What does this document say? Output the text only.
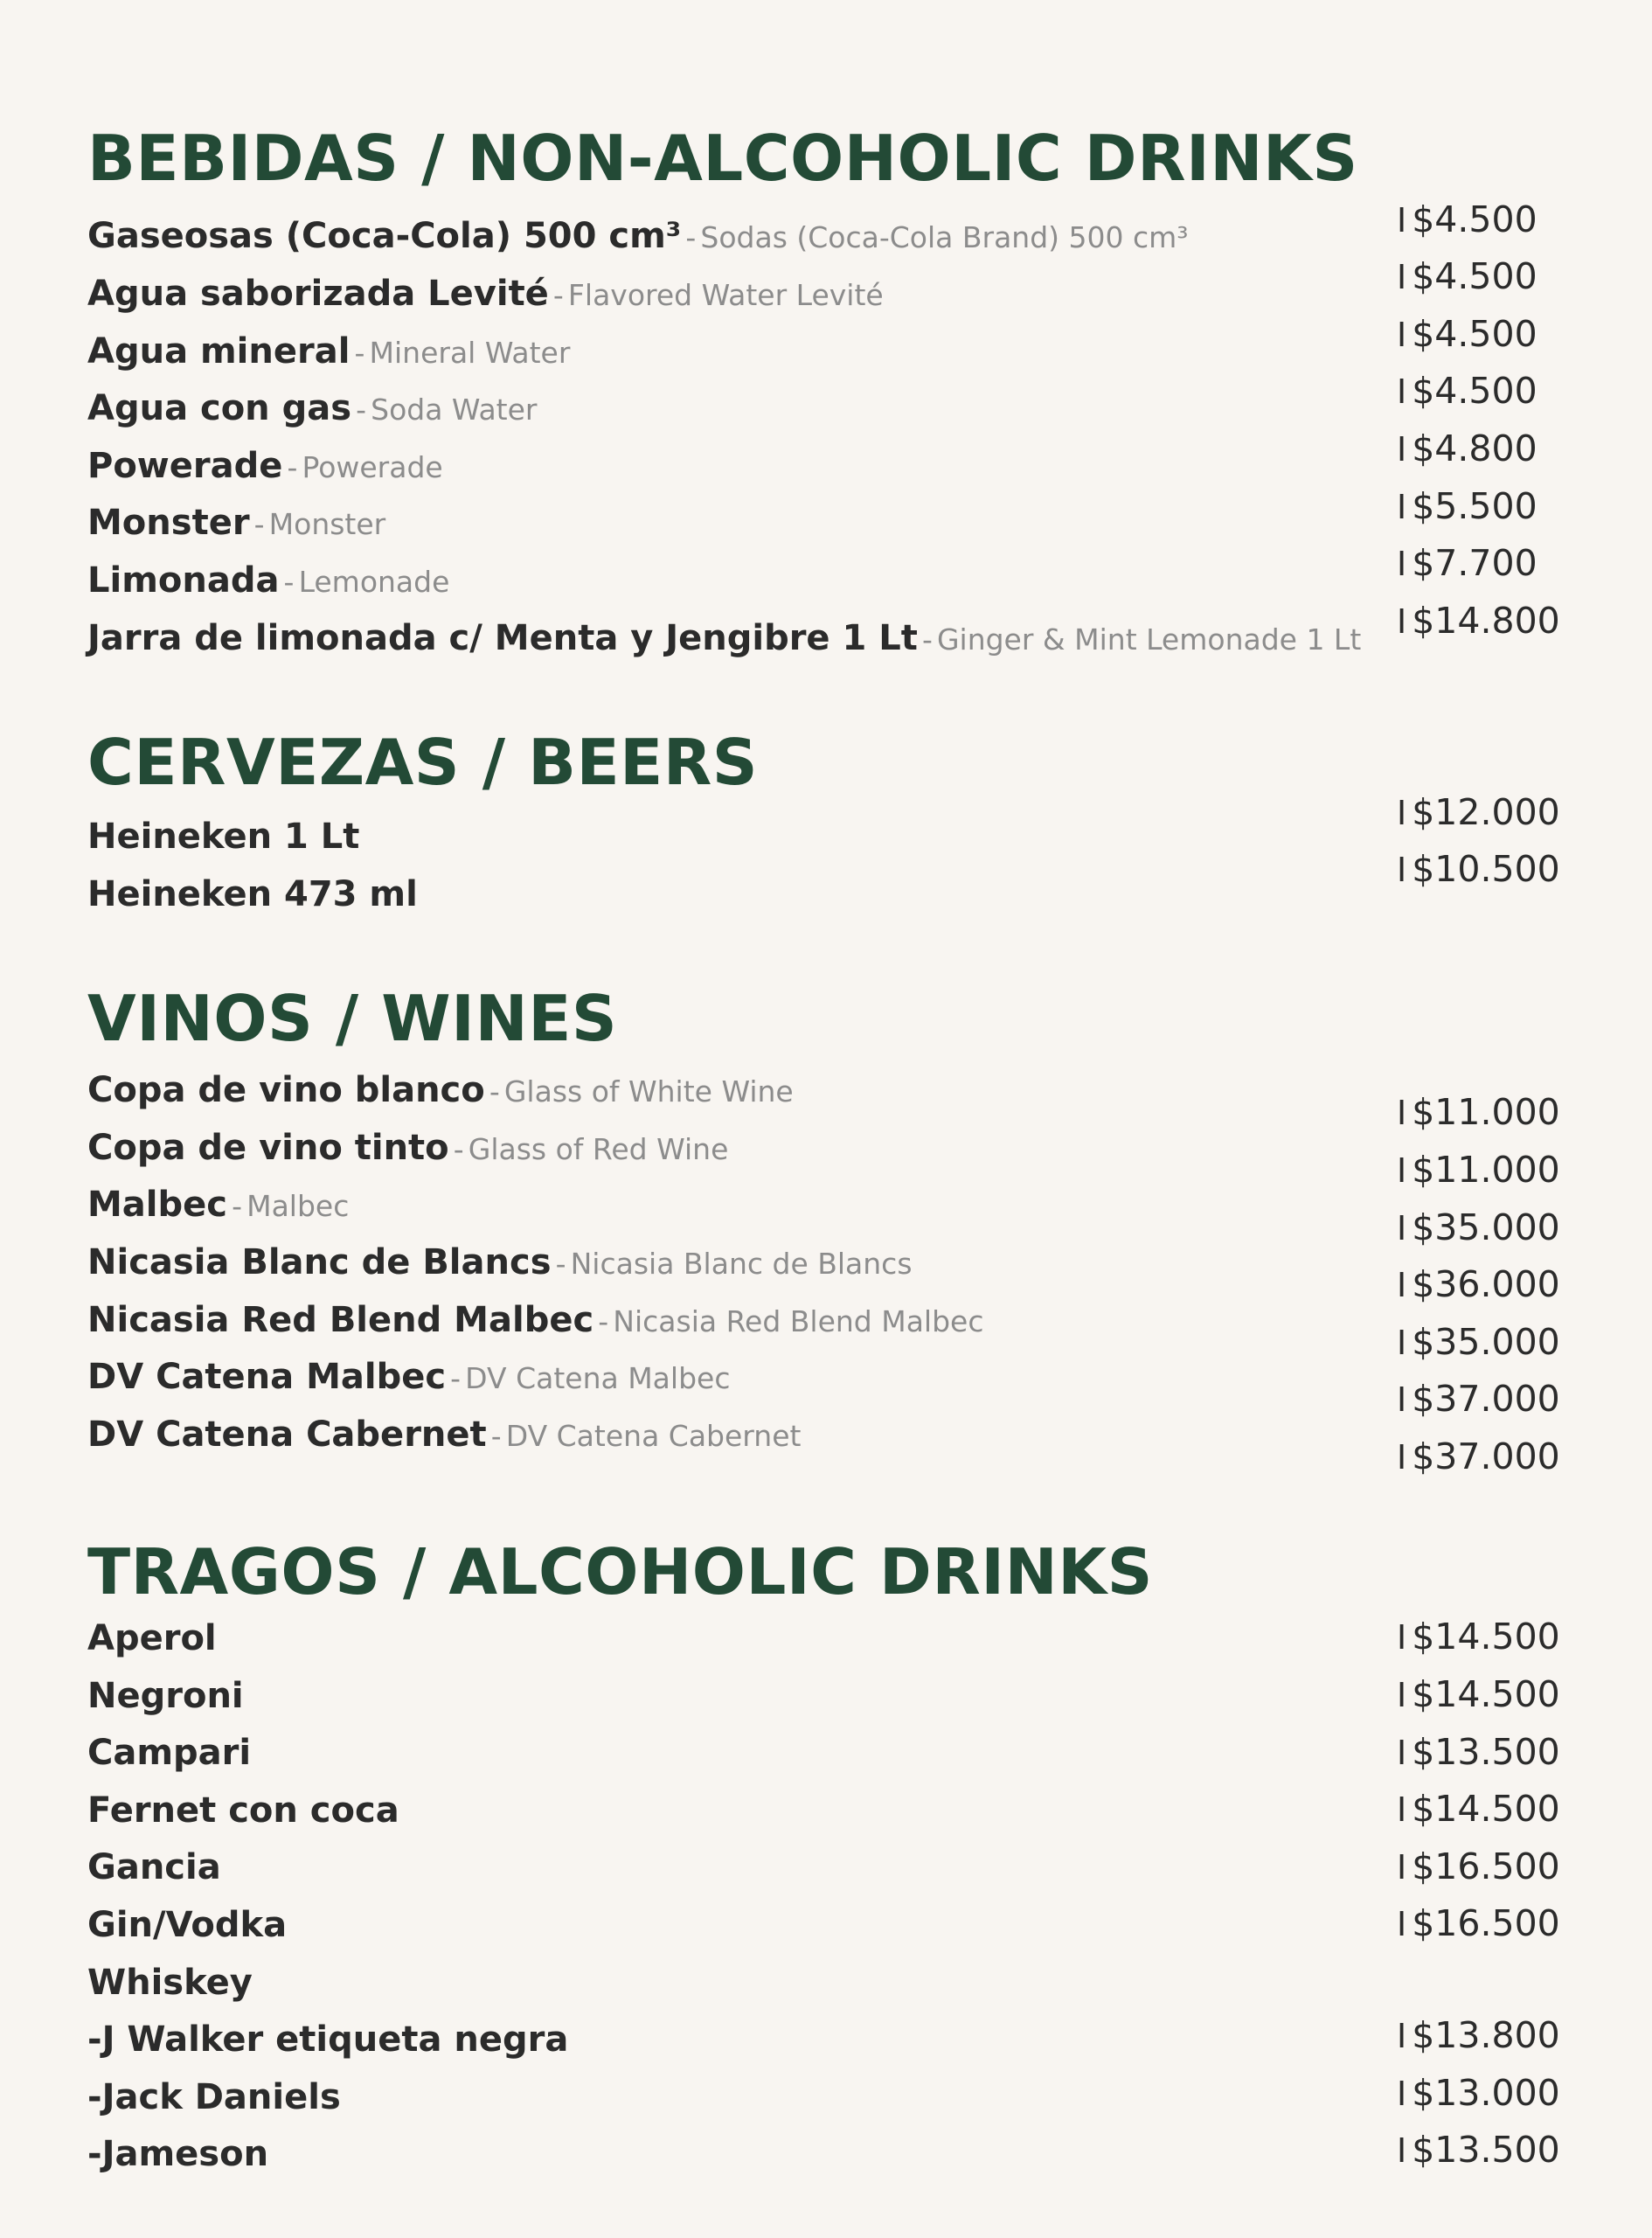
BEBIDAS / NON-ALCOHOLIC DRINKS
Gaseosas (Coca-Cola) 500 cm³ - Sodas (Coca-Cola Brand) 500 cm³
Agua saborizada Levité - Flavored Water Levité
Agua mineral - Mineral Water
Agua con gas - Soda Water
Powerade - Powerade
Monster - Monster
Limonada - Lemonade
Jarra de limonada c/ Menta y Jengibre 1 Lt - Ginger & Mint Lemonade 1 Lt
I $4.500
I $4.500
I $4.500
I $4.500
I $4.800
I $5.500
I $7.700
I $14.800
CERVEZAS / BEERS
Heineken 1 Lt
Heineken 473 ml
I $12.000
I $10.500
VINOS / WINES
Copa de vino blanco - Glass of White Wine
Copa de vino tinto - Glass of Red Wine
Malbec - Malbec
Nicasia Blanc de Blancs - Nicasia Blanc de Blancs
Nicasia Red Blend Malbec - Nicasia Red Blend Malbec
DV Catena Malbec - DV Catena Malbec
DV Catena Cabernet - DV Catena Cabernet
I $11.000
I $11.000
I $35.000
I $36.000
I $35.000
I $37.000
I $37.000
TRAGOS / ALCOHOLIC DRINKS
Aperol
Negroni
Campari
Fernet con coca
Gancia
Gin/Vodka
Whiskey
-J Walker etiqueta negra
-Jack Daniels
-Jameson
I $14.500
I $14.500
I $13.500
I $14.500
I $16.500
I $16.500
I $13.800
I $13.000
I $13.500
